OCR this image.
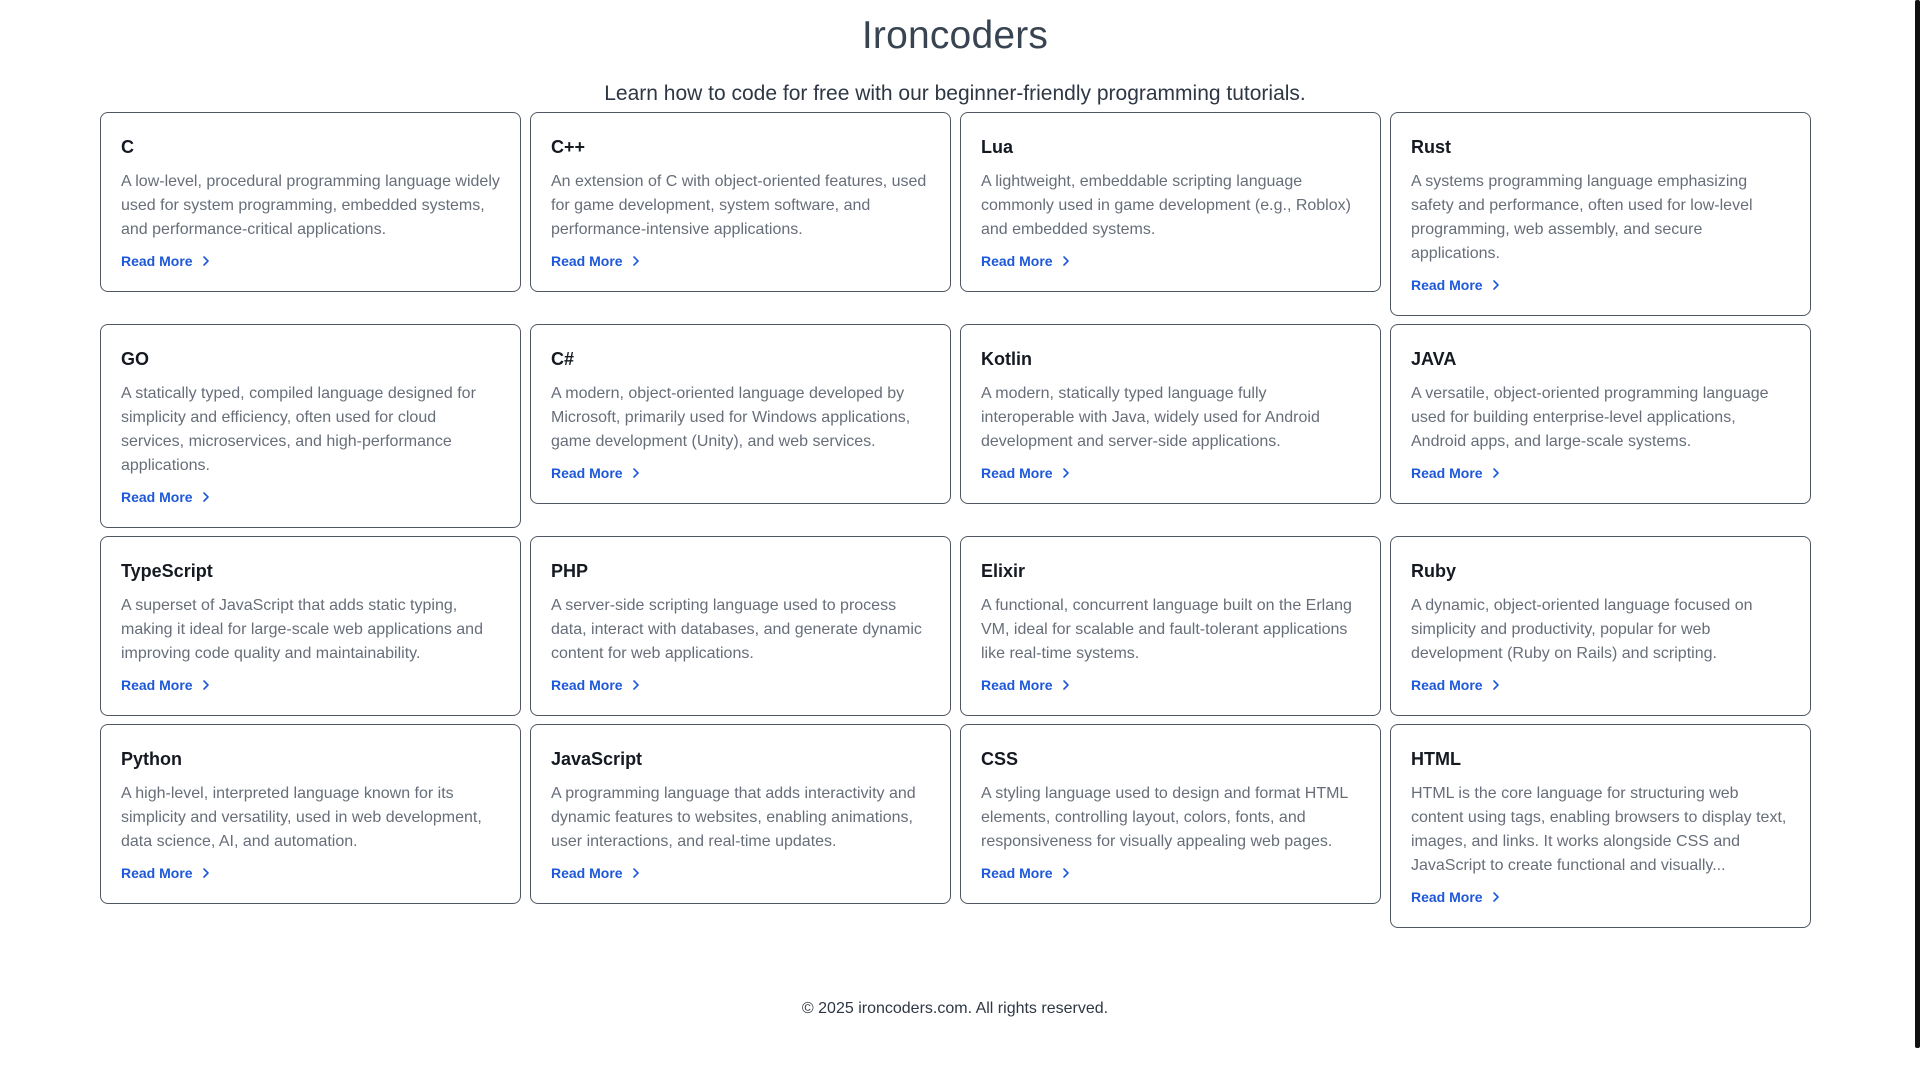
Ironcoders

Learn how to code for free with our beginner-friendly programming tutorials.

C
A low-level, procedural programming language widely used for system programming, embedded systems, and performance-critical applications.
Read More
C++
An extension of C with object-oriented features, used for game development, system software, and performance-intensive applications.
Read More
Lua
A lightweight, embeddable scripting language commonly used in game development (e.g., Roblox) and embedded systems.
Read More
Rust
A systems programming language emphasizing safety and performance, often used for low-level programming, web assembly, and secure applications.
Read More
GO
A statically typed, compiled language designed for simplicity and efficiency, often used for cloud services, microservices, and high-performance applications.
Read More
C#
A modern, object-oriented language developed by Microsoft, primarily used for Windows applications, game development (Unity), and web services.
Read More
Kotlin
A modern, statically typed language fully interoperable with Java, widely used for Android development and server-side applications.
Read More
JAVA
A versatile, object-oriented programming language used for building enterprise-level applications, Android apps, and large-scale systems.
Read More
TypeScript
A superset of JavaScript that adds static typing, making it ideal for large-scale web applications and improving code quality and maintainability.
Read More
PHP
A server-side scripting language used to process data, interact with databases, and generate dynamic content for web applications.
Read More
Elixir
A functional, concurrent language built on the Erlang VM, ideal for scalable and fault-tolerant applications like real-time systems.
Read More
Ruby
A dynamic, object-oriented language focused on simplicity and productivity, popular for web development (Ruby on Rails) and scripting.
Read More
Python
A high-level, interpreted language known for its simplicity and versatility, used in web development, data science, AI, and automation.
Read More
JavaScript
A programming language that adds interactivity and dynamic features to websites, enabling animations, user interactions, and real-time updates.
Read More
CSS
A styling language used to design and format HTML elements, controlling layout, colors, fonts, and responsiveness for visually appealing web pages.
Read More
HTML
HTML is the core language for structuring web content using tags, enabling browsers to display text, images, and links. It works alongside CSS and JavaScript to create functional and visually...
Read More
© 2025 ironcoders.com. All rights reserved.
